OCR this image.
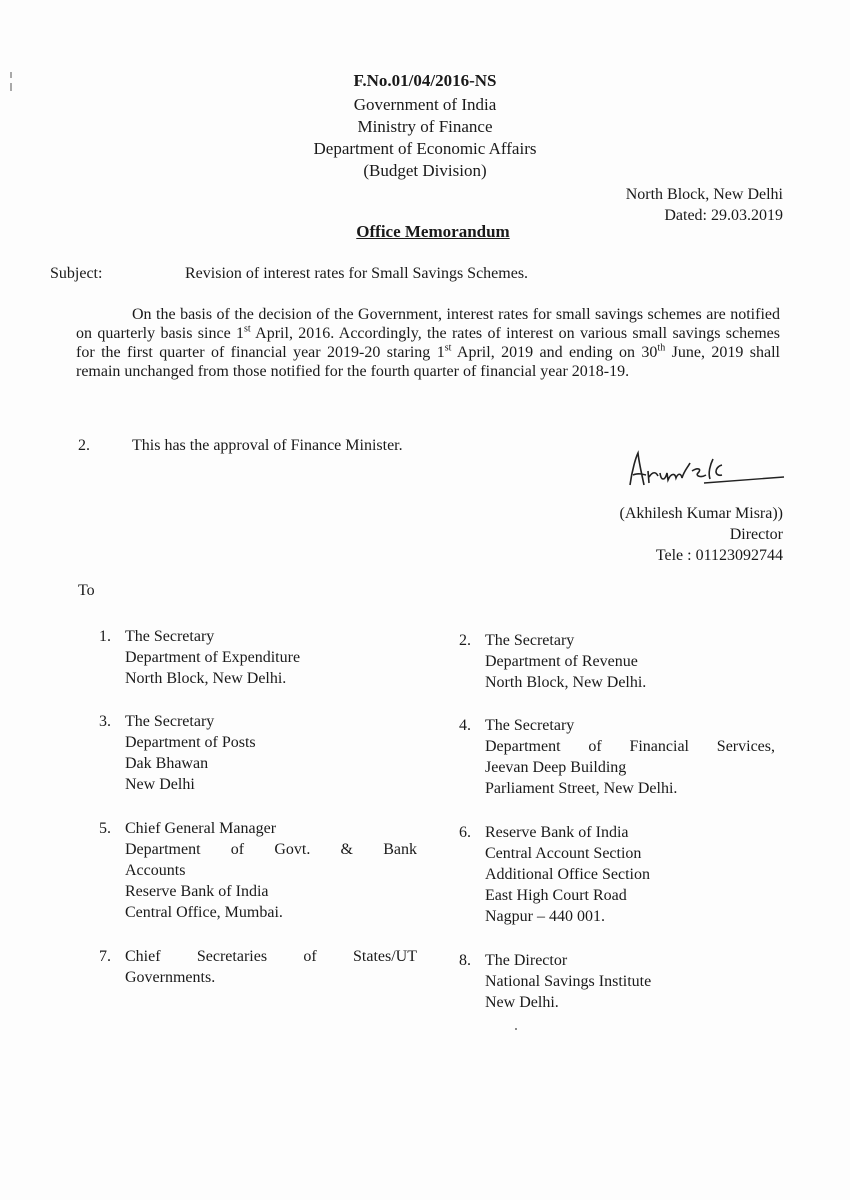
F.No.01/04/2016-NS
Government of India
Ministry of Finance
Department of Economic Affairs
(Budget Division)
North Block, New Delhi
Dated: 29.03.2019
Office Memorandum
Subject:	Revision of interest rates for Small Savings Schemes.

On the basis of the decision of the Government, interest rates for small savings schemes are notified on quarterly basis since 1st April, 2016. Accordingly, the rates of interest on various small savings schemes for the first quarter of financial year 2019-20 staring 1st April, 2019 and ending on 30th June, 2019 shall remain unchanged from those notified for the fourth quarter of financial year 2018-19.

2.	This has the approval of Finance Minister.
(Akhilesh Kumar Misra))
Director
Tele : 01123092744
To
1. The Secretary
Department of Expenditure
North Block, New Delhi.
2. The Secretary
Department of Revenue
North Block, New Delhi.
3. The Secretary
Department of Posts
Dak Bhawan
New Delhi
4. The Secretary
Department of Financial Services,
Jeevan Deep Building
Parliament Street, New Delhi.
5. Chief General Manager
Department of Govt. & Bank
Accounts
Reserve Bank of India
Central Office, Mumbai.
6. Reserve Bank of India
Central Account Section
Additional Office Section
East High Court Road
Nagpur – 440 001.
7. Chief Secretaries of States/UT
Governments.
8. The Director
National Savings Institute
New Delhi.
